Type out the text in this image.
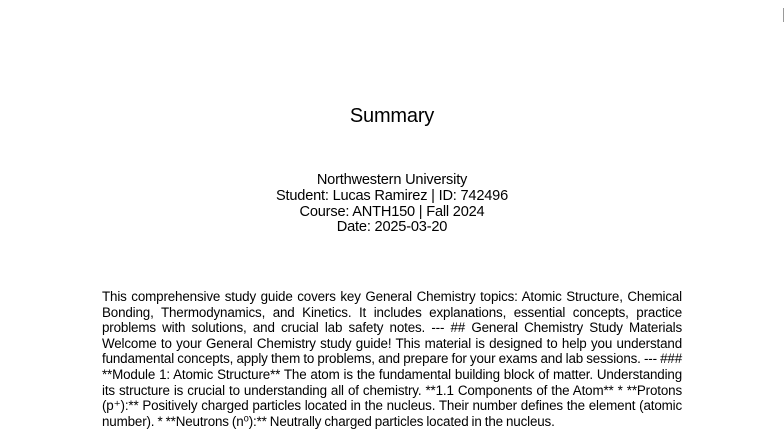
Summary
Northwestern University
Student: Lucas Ramirez | ID: 742496
Course: ANTH150 | Fall 2024
Date: 2025-03-20

This comprehensive study guide covers key General Chemistry topics: Atomic Structure, Chemical Bonding, Thermodynamics, and Kinetics. It includes explanations, essential concepts, practice problems with solutions, and crucial lab safety notes. --- ## General Chemistry Study Materials Welcome to your General Chemistry study guide! This material is designed to help you understand fundamental concepts, apply them to problems, and prepare for your exams and lab sessions. --- ### **Module 1: Atomic Structure** The atom is the fundamental building block of matter. Understanding its structure is crucial to understanding all of chemistry. **1.1 Components of the Atom** * **Protons (p⁺):** Positively charged particles located in the nucleus. Their number defines the element (atomic number). * **Neutrons (n⁰):** Neutrally charged particles located in the nucleus.
